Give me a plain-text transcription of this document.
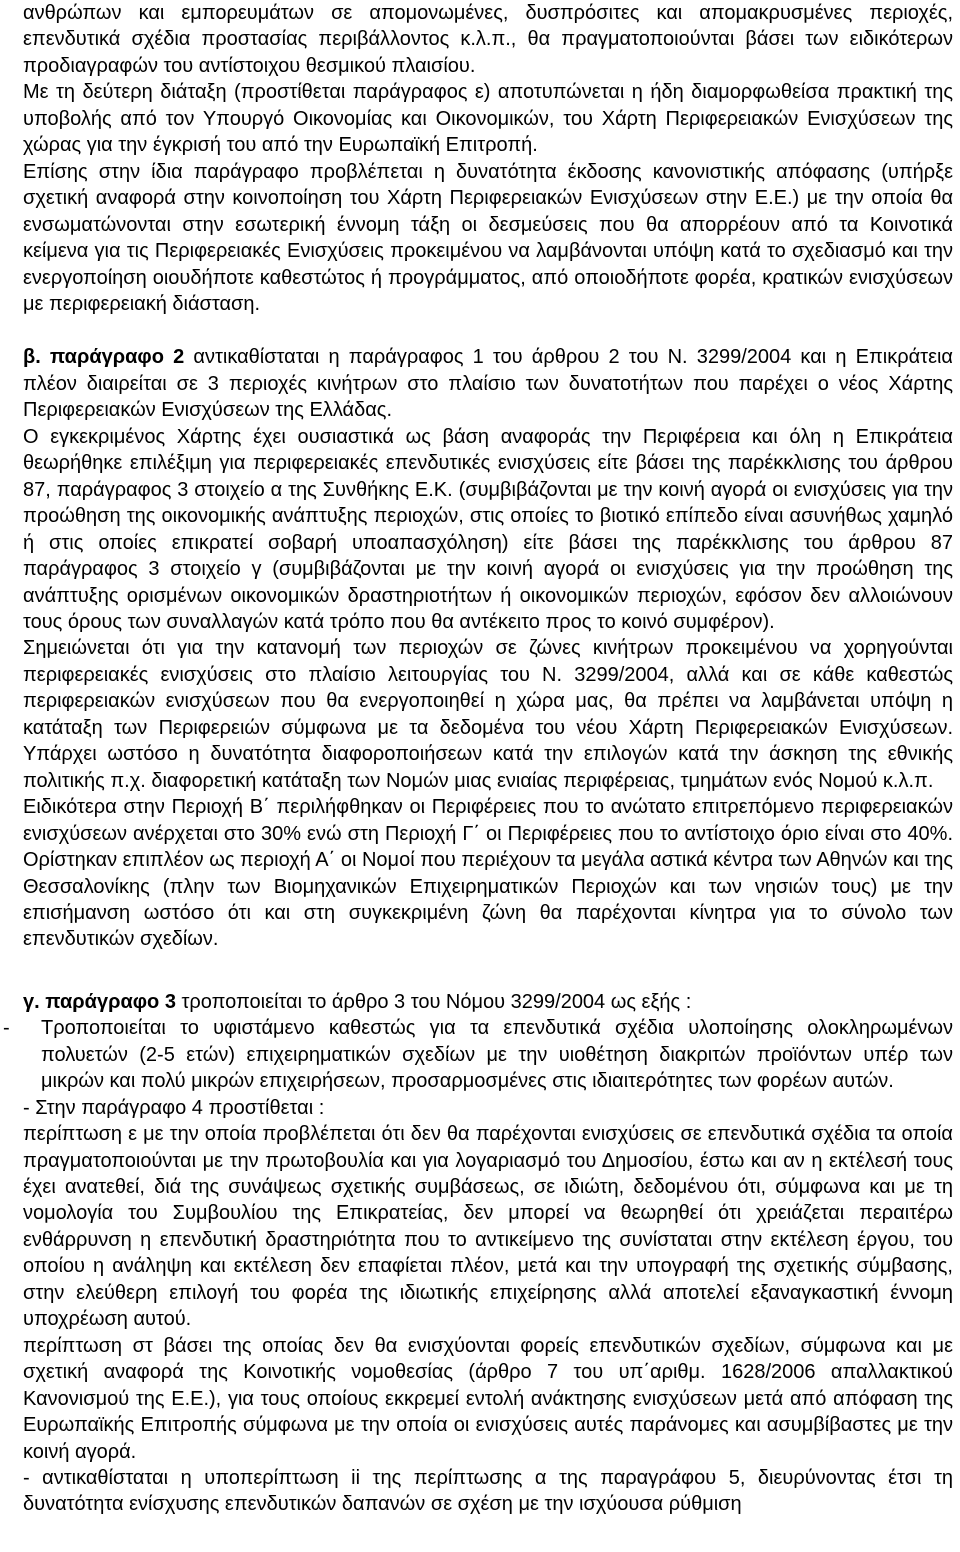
ανθρώπων και εμπορευμάτων σε απομονωμένες, δυσπρόσιτες και απομακρυσμένες περιοχές, επενδυτικά σχέδια προστασίας περιβάλλοντος κ.λ.π., θα πραγματοποιούνται βάσει των ειδικότερων προδιαγραφών του αντίστοιχου θεσμικού πλαισίου.

Με τη δεύτερη διάταξη (προστίθεται παράγραφος ε) αποτυπώνεται η ήδη διαμορφωθείσα πρακτική της υποβολής από τον Υπουργό Οικονομίας και Οικονομικών, του Χάρτη Περιφερειακών Ενισχύσεων της χώρας για την έγκρισή του από την Ευρωπαϊκή Επιτροπή.

Επίσης στην ίδια παράγραφο προβλέπεται η δυνατότητα έκδοσης κανονιστικής απόφασης (υπήρξε σχετική αναφορά στην κοινοποίηση του Χάρτη Περιφερειακών Ενισχύσεων στην Ε.Ε.) με την οποία θα ενσωματώνονται στην εσωτερική έννομη τάξη οι δεσμεύσεις που θα απορρέουν από τα Κοινοτικά κείμενα για τις Περιφερειακές Ενισχύσεις προκειμένου να λαμβάνονται υπόψη κατά το σχεδιασμό και την ενεργοποίηση οιουδήποτε καθεστώτος ή προγράμματος, από οποιοδήποτε φορέα, κρατικών ενισχύσεων με περιφερειακή διάσταση.

β. παράγραφο 2 αντικαθίσταται η παράγραφος 1 του άρθρου 2 του Ν. 3299/2004 και η Επικράτεια πλέον διαιρείται σε 3 περιοχές κινήτρων στο πλαίσιο των δυνατοτήτων που παρέχει ο νέος Χάρτης Περιφερειακών Ενισχύσεων της Ελλάδας.

Ο εγκεκριμένος Χάρτης έχει ουσιαστικά ως βάση αναφοράς την Περιφέρεια και όλη η Επικράτεια θεωρήθηκε επιλέξιμη για περιφερειακές επενδυτικές ενισχύσεις είτε βάσει της παρέκκλισης του άρθρου 87, παράγραφος 3 στοιχείο α της Συνθήκης Ε.Κ. (συμβιβάζονται με την κοινή αγορά οι ενισχύσεις για την προώθηση της οικονομικής ανάπτυξης περιοχών, στις οποίες το βιοτικό επίπεδο είναι ασυνήθως χαμηλό ή στις οποίες επικρατεί σοβαρή υποαπασχόληση) είτε βάσει της παρέκκλισης του άρθρου 87 παράγραφος 3 στοιχείο γ (συμβιβάζονται με την κοινή αγορά οι ενισχύσεις για την προώθηση της ανάπτυξης ορισμένων οικονομικών δραστηριοτήτων ή οικονομικών περιοχών, εφόσον δεν αλλοιώνουν τους όρους των συναλλαγών κατά τρόπο που θα αντέκειτο προς το κοινό συμφέρον).

Σημειώνεται ότι για την κατανομή των περιοχών σε ζώνες κινήτρων προκειμένου να χορηγούνται περιφερειακές ενισχύσεις στο πλαίσιο λειτουργίας του Ν. 3299/2004, αλλά και σε κάθε καθεστώς περιφερειακών ενισχύσεων που θα ενεργοποιηθεί η χώρα μας, θα πρέπει να λαμβάνεται υπόψη η κατάταξη των Περιφερειών σύμφωνα με τα δεδομένα του νέου Χάρτη Περιφερειακών Ενισχύσεων. Υπάρχει ωστόσο η δυνατότητα διαφοροποιήσεων κατά την επιλογών κατά την άσκηση της εθνικής πολιτικής π.χ. διαφορετική κατάταξη των Νομών μιας ενιαίας περιφέρειας, τμημάτων ενός Νομού κ.λ.π.

Ειδικότερα στην Περιοχή Β΄ περιλήφθηκαν οι Περιφέρειες που το ανώτατο επιτρεπόμενο περιφερειακών ενισχύσεων ανέρχεται στο 30% ενώ στη Περιοχή Γ΄ οι Περιφέρειες που το αντίστοιχο όριο είναι στο 40%. Ορίστηκαν επιπλέον ως περιοχή Α΄ οι Νομοί που περιέχουν τα μεγάλα αστικά κέντρα των Αθηνών και της Θεσσαλονίκης (πλην των Βιομηχανικών Επιχειρηματικών Περιοχών και των νησιών τους) με την επισήμανση ωστόσο ότι και στη συγκεκριμένη ζώνη θα παρέχονται κίνητρα για το σύνολο των επενδυτικών σχεδίων.

γ. παράγραφο 3 τροποποιείται το άρθρο 3 του Νόμου 3299/2004 ως εξής :

- Τροποποιείται το υφιστάμενο καθεστώς για τα επενδυτικά σχέδια υλοποίησης ολοκληρωμένων πολυετών (2-5 ετών) επιχειρηματικών σχεδίων με την υιοθέτηση διακριτών προϊόντων υπέρ των μικρών και πολύ μικρών επιχειρήσεων, προσαρμοσμένες στις ιδιαιτερότητες των φορέων αυτών.

- Στην παράγραφο 4 προστίθεται :

περίπτωση ε με την οποία προβλέπεται ότι δεν θα παρέχονται ενισχύσεις σε επενδυτικά σχέδια τα οποία πραγματοποιούνται με την πρωτοβουλία και για λογαριασμό του Δημοσίου, έστω και αν η εκτέλεσή τους έχει ανατεθεί, διά της συνάψεως σχετικής συμβάσεως, σε ιδιώτη, δεδομένου ότι, σύμφωνα και με τη νομολογία του Συμβουλίου της Επικρατείας, δεν μπορεί να θεωρηθεί ότι χρειάζεται περαιτέρω ενθάρρυνση η επενδυτική δραστηριότητα που το αντικείμενο της συνίσταται στην εκτέλεση έργου, του οποίου η ανάληψη και εκτέλεση δεν επαφίεται πλέον, μετά και την υπογραφή της σχετικής σύμβασης, στην ελεύθερη επιλογή του φορέα της ιδιωτικής επιχείρησης αλλά αποτελεί εξαναγκαστική έννομη υποχρέωση αυτού.

περίπτωση στ βάσει της οποίας δεν θα ενισχύονται φορείς επενδυτικών σχεδίων, σύμφωνα και με σχετική αναφορά της Κοινοτικής νομοθεσίας (άρθρο 7 του υπ΄αριθμ. 1628/2006 απαλλακτικού Κανονισμού της Ε.Ε.), για τους οποίους εκκρεμεί εντολή ανάκτησης ενισχύσεων μετά από απόφαση της Ευρωπαϊκής Επιτροπής σύμφωνα με την οποία οι ενισχύσεις αυτές παράνομες και ασυμβίβαστες με την κοινή αγορά.

- αντικαθίσταται η υποπερίπτωση ii της περίπτωσης α της παραγράφου 5, διευρύνοντας έτσι τη δυνατότητα ενίσχυσης επενδυτικών δαπανών σε σχέση με την ισχύουσα ρύθμιση
